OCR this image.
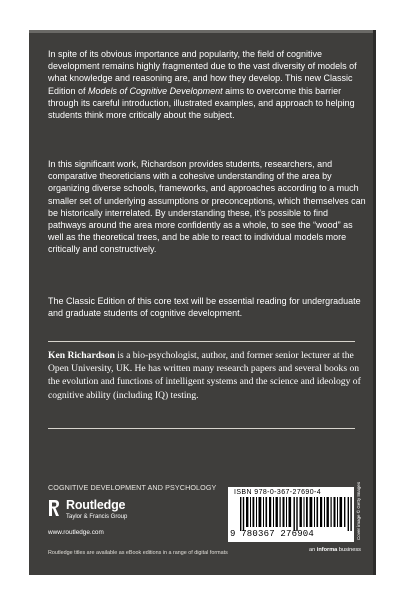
In spite of its obvious importance and popularity, the field of cognitive development remains highly fragmented due to the vast diversity of models of what knowledge and reasoning are, and how they develop. This new Classic Edition of Models of Cognitive Development aims to overcome this barrier through its careful introduction, illustrated examples, and approach to helping students think more critically about the subject.

In this significant work, Richardson provides students, researchers, and comparative theoreticians with a cohesive understanding of the area by organizing diverse schools, frameworks, and approaches according to a much smaller set of underlying assumptions or preconceptions, which themselves can be historically interrelated. By understanding these, it’s possible to find pathways around the area more confidently as a whole, to see the “wood” as well as the theoretical trees, and be able to react to individual models more critically and constructively.

The Classic Edition of this core text will be essential reading for undergraduate and graduate students of cognitive development.

Ken Richardson is a bio-psychologist, author, and former senior lecturer at the Open University, UK. He has written many research papers and several books on the evolution and functions of intelligent systems and the science and ideology of cognitive ability (including IQ) testing.

COGNITIVE DEVELOPMENT AND PSYCHOLOGY
Routledge
Taylor & Francis Group
www.routledge.com
ISBN 978-0-367-27690-4
9 780367 276904
an informa business
Cover image © Getty Images
Routledge titles are available as eBook editions in a range of digital formats
